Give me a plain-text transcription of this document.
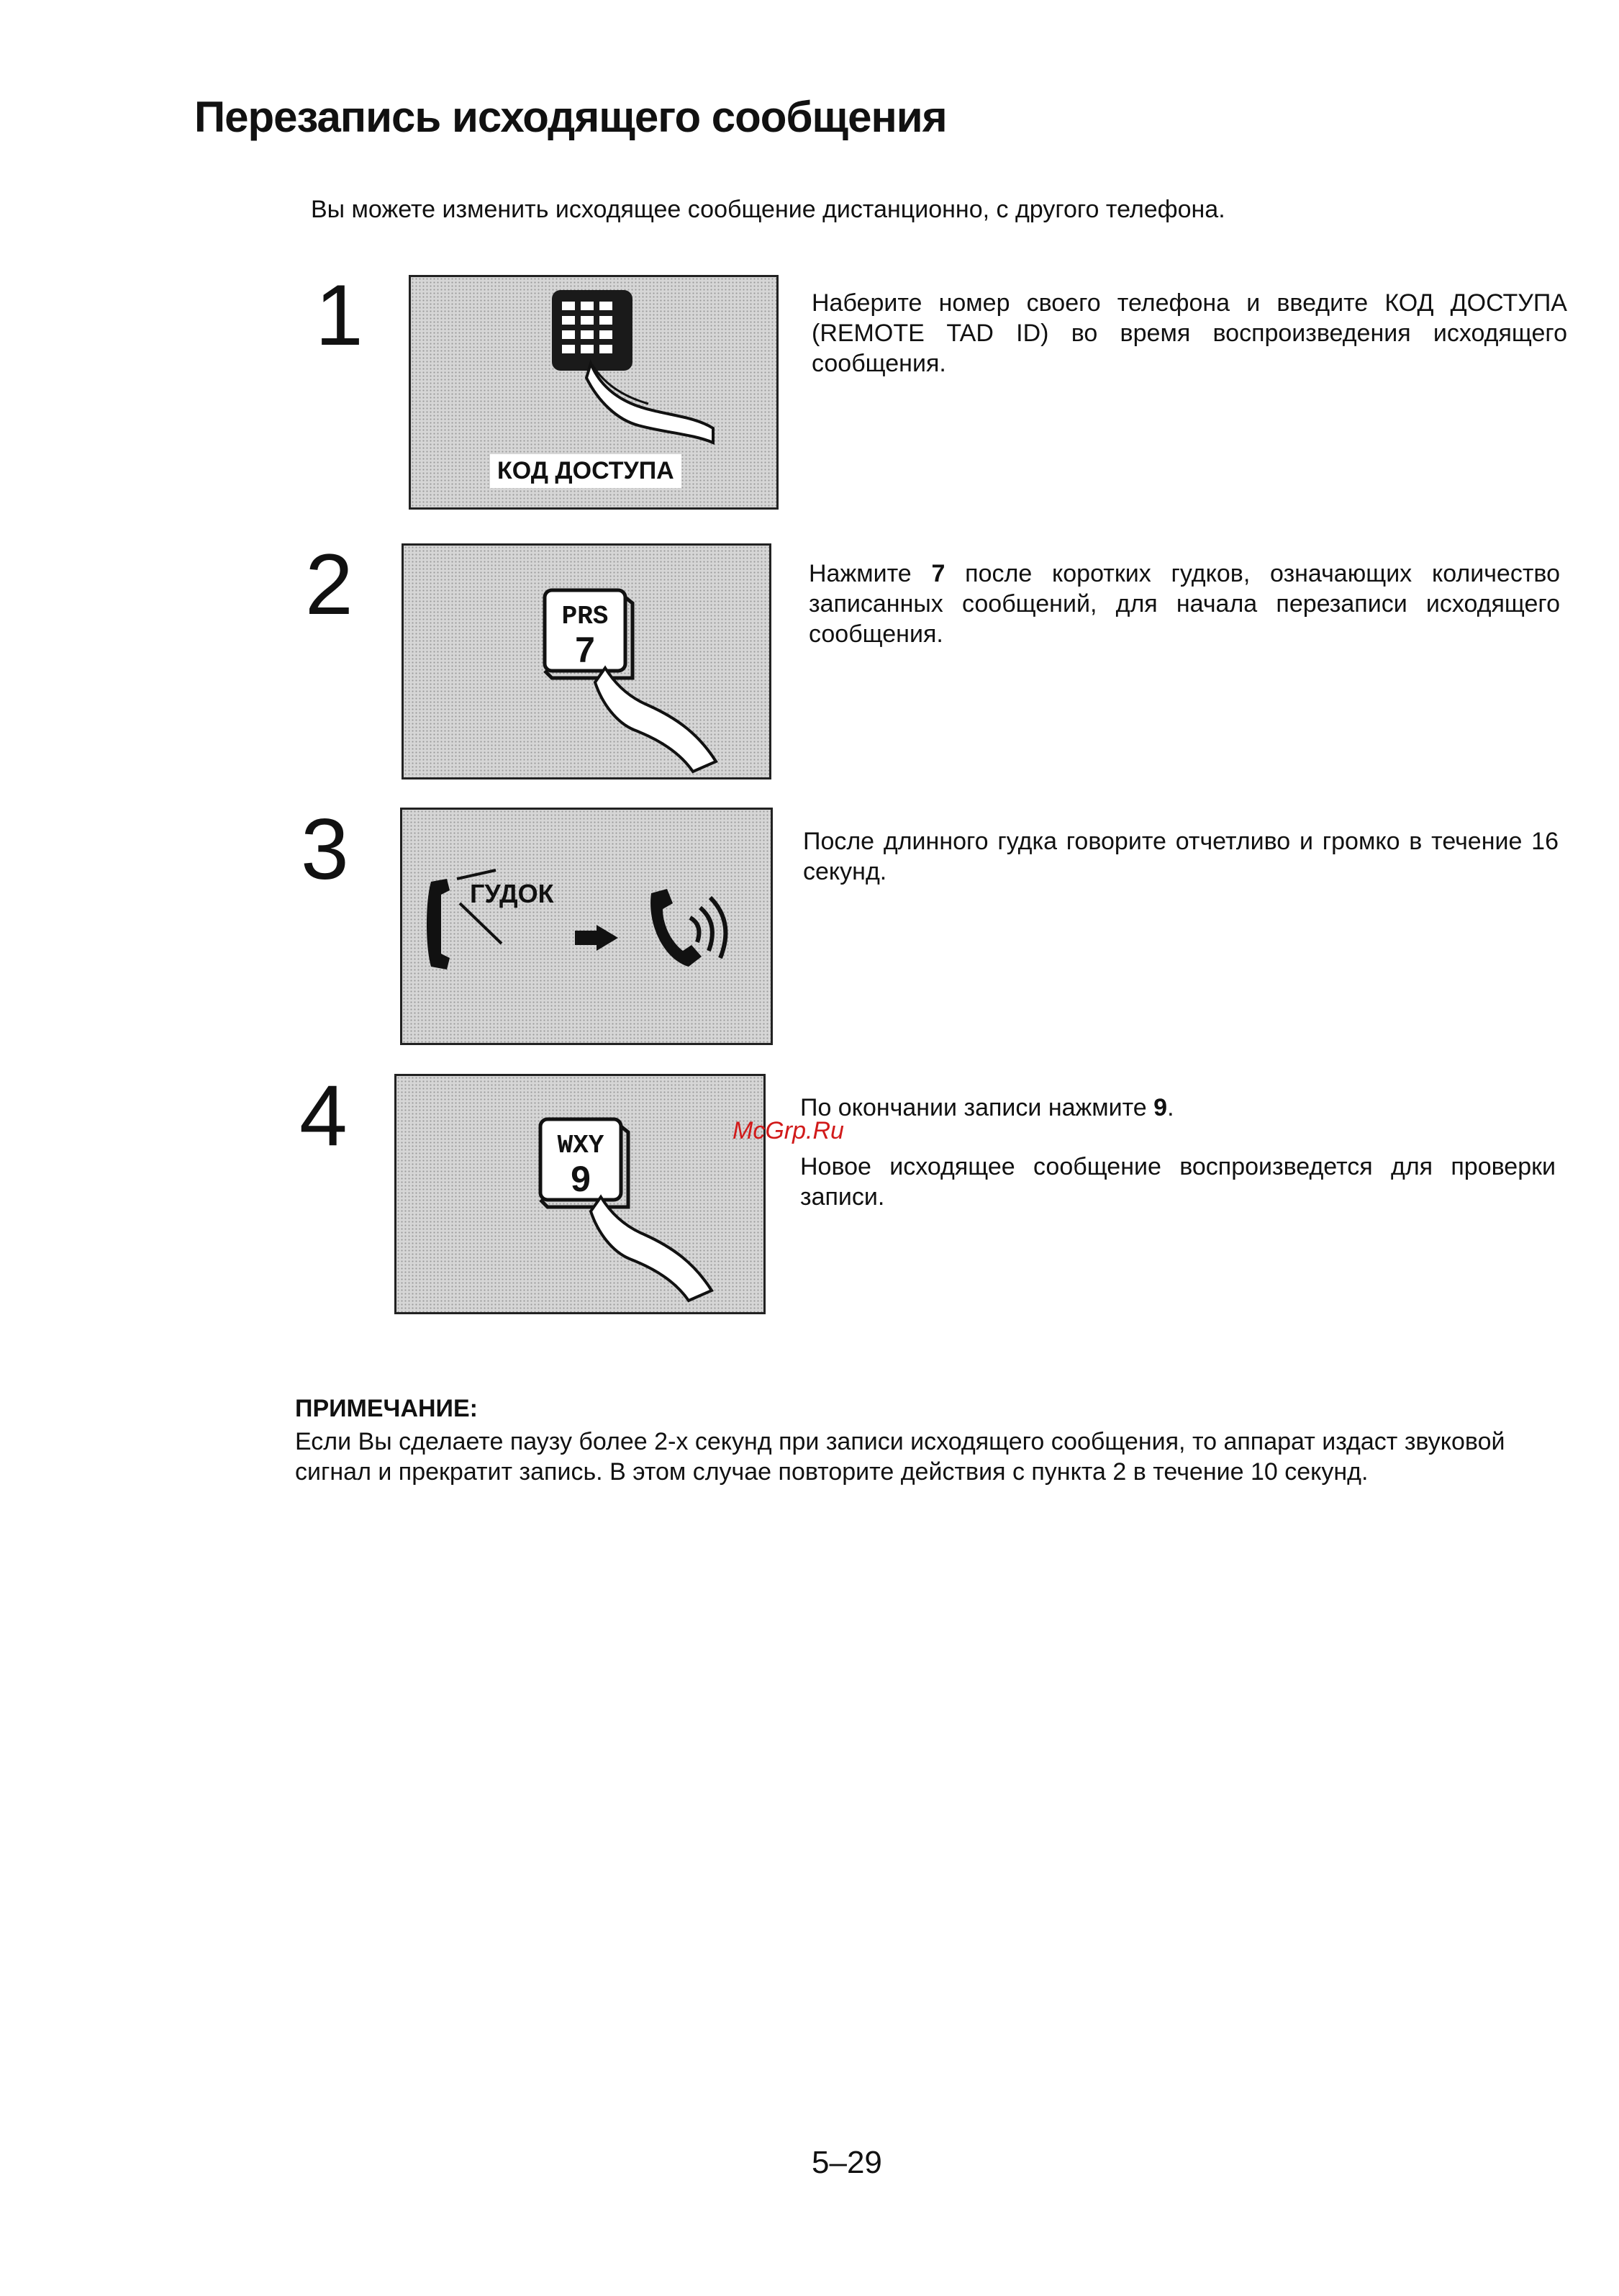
Перезапись исходящего сообщения
Вы можете изменить исходящее сообщение дистанционно, с другого телефона.
1
КОД ДОСТУПА
Наберите номер своего телефона и введите КОД ДОСТУПА (REMOTE TAD ID) во время воспроизведения исходящего сообщения.
2	PRS
7
Нажмите 7 после коротких гудков, означающих количество записанных сообщений, для начала перезаписи исходящего сообщения.
3	ГУДОК
После длинного гудка говорите отчетливо и громко в течение 16 секунд.
4	WXY
9
По окончании записи нажмите 9.
Новое исходящее сообщение воспроизведется для проверки записи.
McGrp.Ru
ПРИМЕЧАНИЕ:
Если Вы сделаете паузу более 2-х секунд при записи исходящего сообщения, то аппарат издаст звуковой сигнал и прекратит запись. В этом случае повторите действия с пункта 2 в течение 10 секунд.
5–29
